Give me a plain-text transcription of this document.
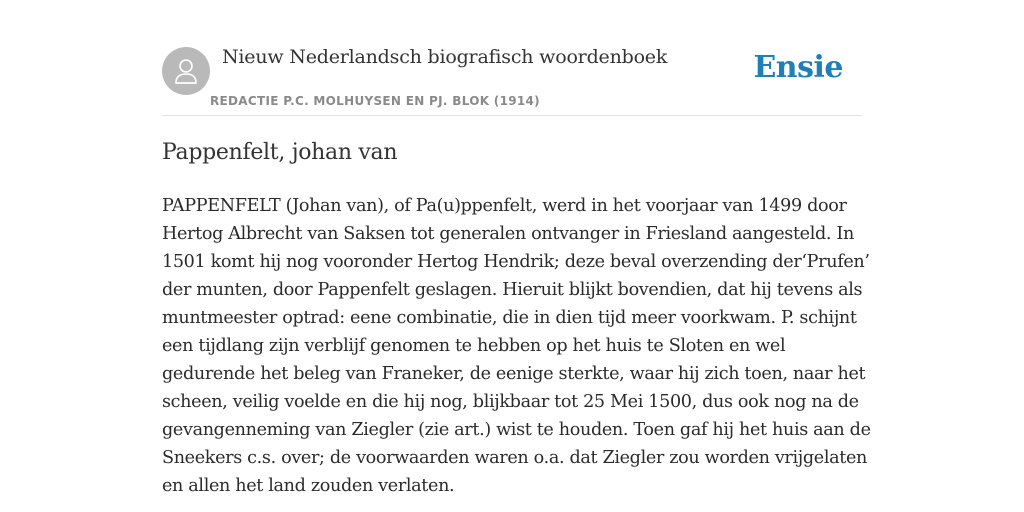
Nieuw Nederlandsch biografisch woordenboek
REDACTIE P.C. MOLHUYSEN EN PJ. BLOK (1914)
Ensie
Pappenfelt, johan van
PAPPENFELT (Johan van), of Pa(u)ppenfelt, werd in het voorjaar van 1499 door
Hertog Albrecht van Saksen tot generalen ontvanger in Friesland aangesteld. In
1501 komt hij nog vooronder Hertog Hendrik; deze beval overzending der‘Prufen’
der munten, door Pappenfelt geslagen. Hieruit blijkt bovendien, dat hij tevens als
muntmeester optrad: eene combinatie, die in dien tijd meer voorkwam. P. schijnt
een tijdlang zijn verblijf genomen te hebben op het huis te Sloten en wel
gedurende het beleg van Franeker, de eenige sterkte, waar hij zich toen, naar het
scheen, veilig voelde en die hij nog, blijkbaar tot 25 Mei 1500, dus ook nog na de
gevangenneming van Ziegler (zie art.) wist te houden. Toen gaf hij het huis aan de
Sneekers c.s. over; de voorwaarden waren o.a. dat Ziegler zou worden vrijgelaten
en allen het land zouden verlaten.
